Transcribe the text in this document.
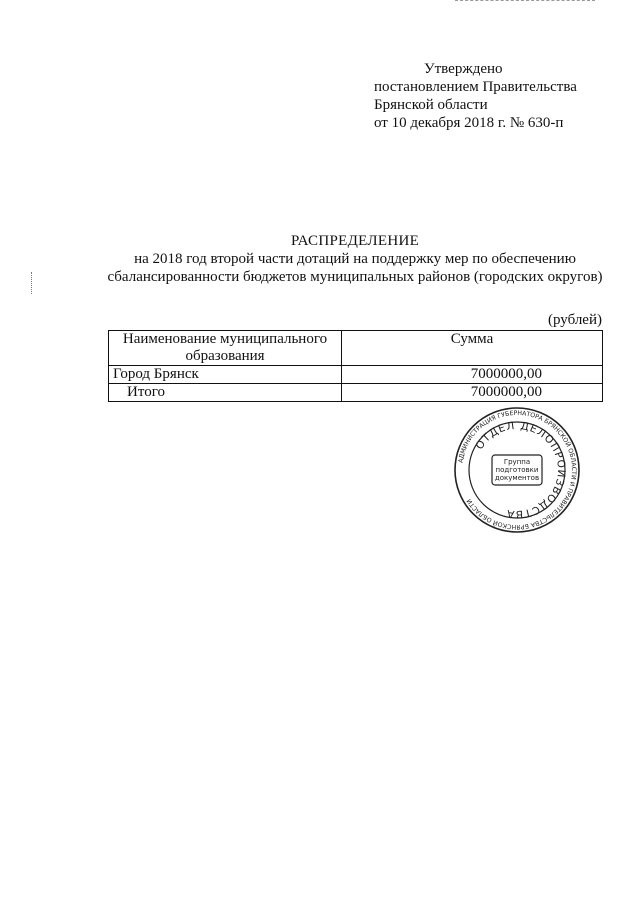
Утверждено
постановлением Правительства
Брянской области
от 10 декабря 2018 г. № 630-п
РАСПРЕДЕЛЕНИЕ
на 2018 год второй части дотаций на поддержку мер по обеспечению сбалансированности бюджетов муниципальных районов (городских округов)
(рублей)
Наименование муниципального образования	Сумма
Город Брянск	7000000,00
Итого	7000000,00
АДМИНИСТРАЦИЯ ГУБЕРНАТОРА БРЯНСКОЙ ОБЛАСТИ И ПРАВИТЕЛЬСТВА БРЯНСКОЙ ОБЛАСТИ
ОТДЕЛ ДЕЛОПРОИЗВОДСТВА
Группа
подготовки
документов
